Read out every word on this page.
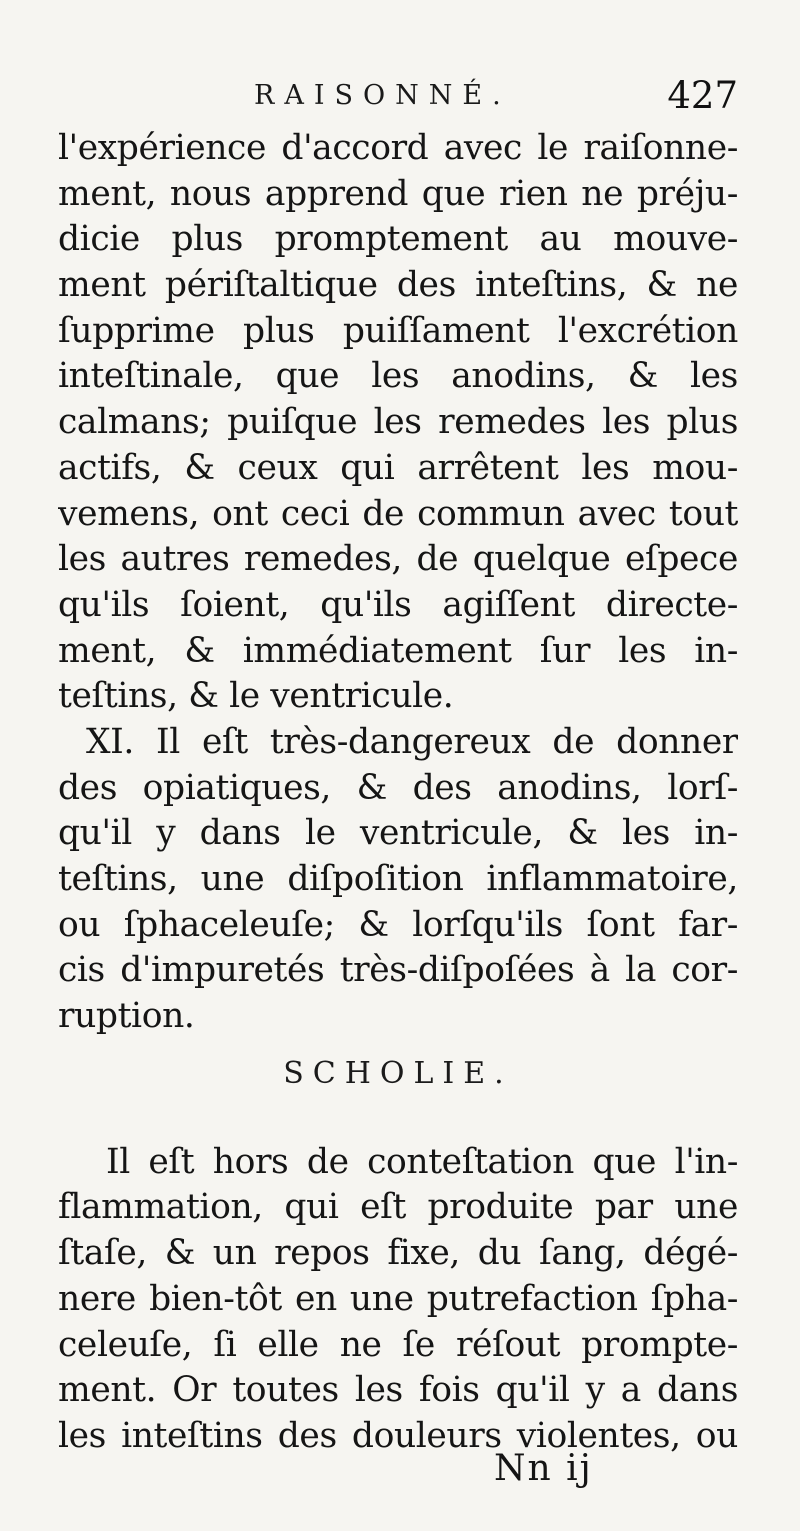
RAISONNÉ.	427
l'expérience d'accord avec le raiſonne-
ment, nous apprend que rien ne préju-
dicie plus promptement au mouve-
ment périſtaltique des inteſtins, & ne
ſupprime plus puiſſament l'excrétion
inteſtinale, que les anodins, & les
calmans; puiſque les remedes les plus
actifs, & ceux qui arrêtent les mou-
vemens, ont ceci de commun avec tout
les autres remedes, de quelque eſpece
qu'ils ſoient, qu'ils agiſſent directe-
ment, & immédiatement ſur les in-
teſtins, & le ventricule.
XI. Il eſt très-dangereux de donner
des opiatiques, & des anodins, lorſ-
qu'il y dans le ventricule, & les in-
teſtins, une diſpoſition inflammatoire,
ou ſphaceleuſe; & lorſqu'ils ſont far-
cis d'impuretés très-diſpoſées à la cor-
ruption.
SCHOLIE.
Il eſt hors de conteſtation que l'in-
flammation, qui eſt produite par une
ſtaſe, & un repos fixe, du ſang, dégé-
nere bien-tôt en une putrefaction ſpha-
celeuſe, ſi elle ne ſe réſout prompte-
ment. Or toutes les fois qu'il y a dans
les inteſtins des douleurs violentes, ou
Nn ij
